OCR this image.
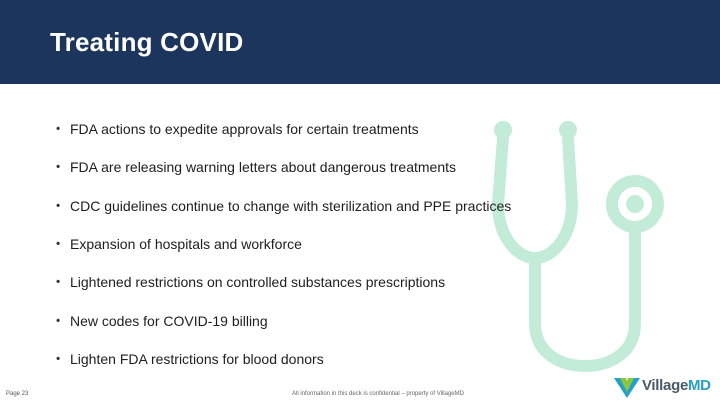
Treating COVID
• FDA actions to expedite approvals for certain treatments
• FDA are releasing warning letters about dangerous treatments
• CDC guidelines continue to change with sterilization and PPE practices
• Expansion of hospitals and workforce
• Lightened restrictions on controlled substances prescriptions
• New codes for COVID-19 billing
• Lighten FDA restrictions for blood donors
Page 23	All information in this deck is confidential – property of VillageMD	VillageMD
